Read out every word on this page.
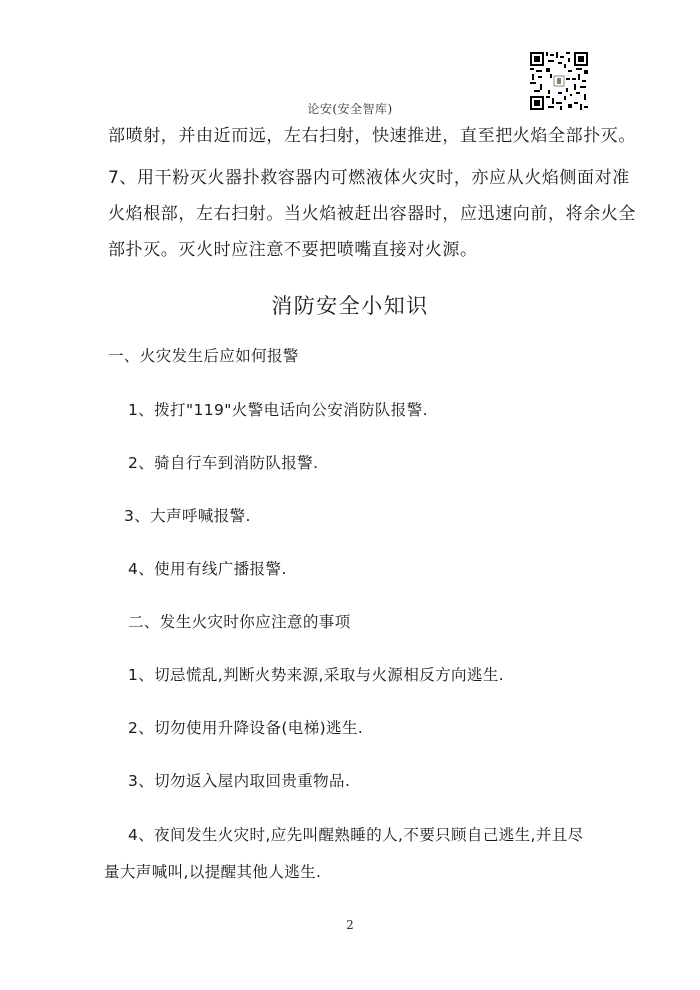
论安(安全智库)
部喷射，并由近而远，左右扫射，快速推进，直至把火焰全部扑灭。
7、用干粉灭火器扑救容器内可燃液体火灾时，亦应从火焰侧面对准
火焰根部，左右扫射。当火焰被赶出容器时，应迅速向前，将余火全
部扑灭。灭火时应注意不要把喷嘴直接对火源。
消防安全小知识
一、火灾发生后应如何报警
1、拨打"119"火警电话向公安消防队报警.
2、骑自行车到消防队报警.
3、大声呼喊报警.
4、使用有线广播报警.
二、发生火灾时你应注意的事项
1、切忌慌乱,判断火势来源,采取与火源相反方向逃生.
2、切勿使用升降设备(电梯)逃生.
3、切勿返入屋内取回贵重物品.
4、夜间发生火灾时,应先叫醒熟睡的人,不要只顾自己逃生,并且尽
量大声喊叫,以提醒其他人逃生.
2
